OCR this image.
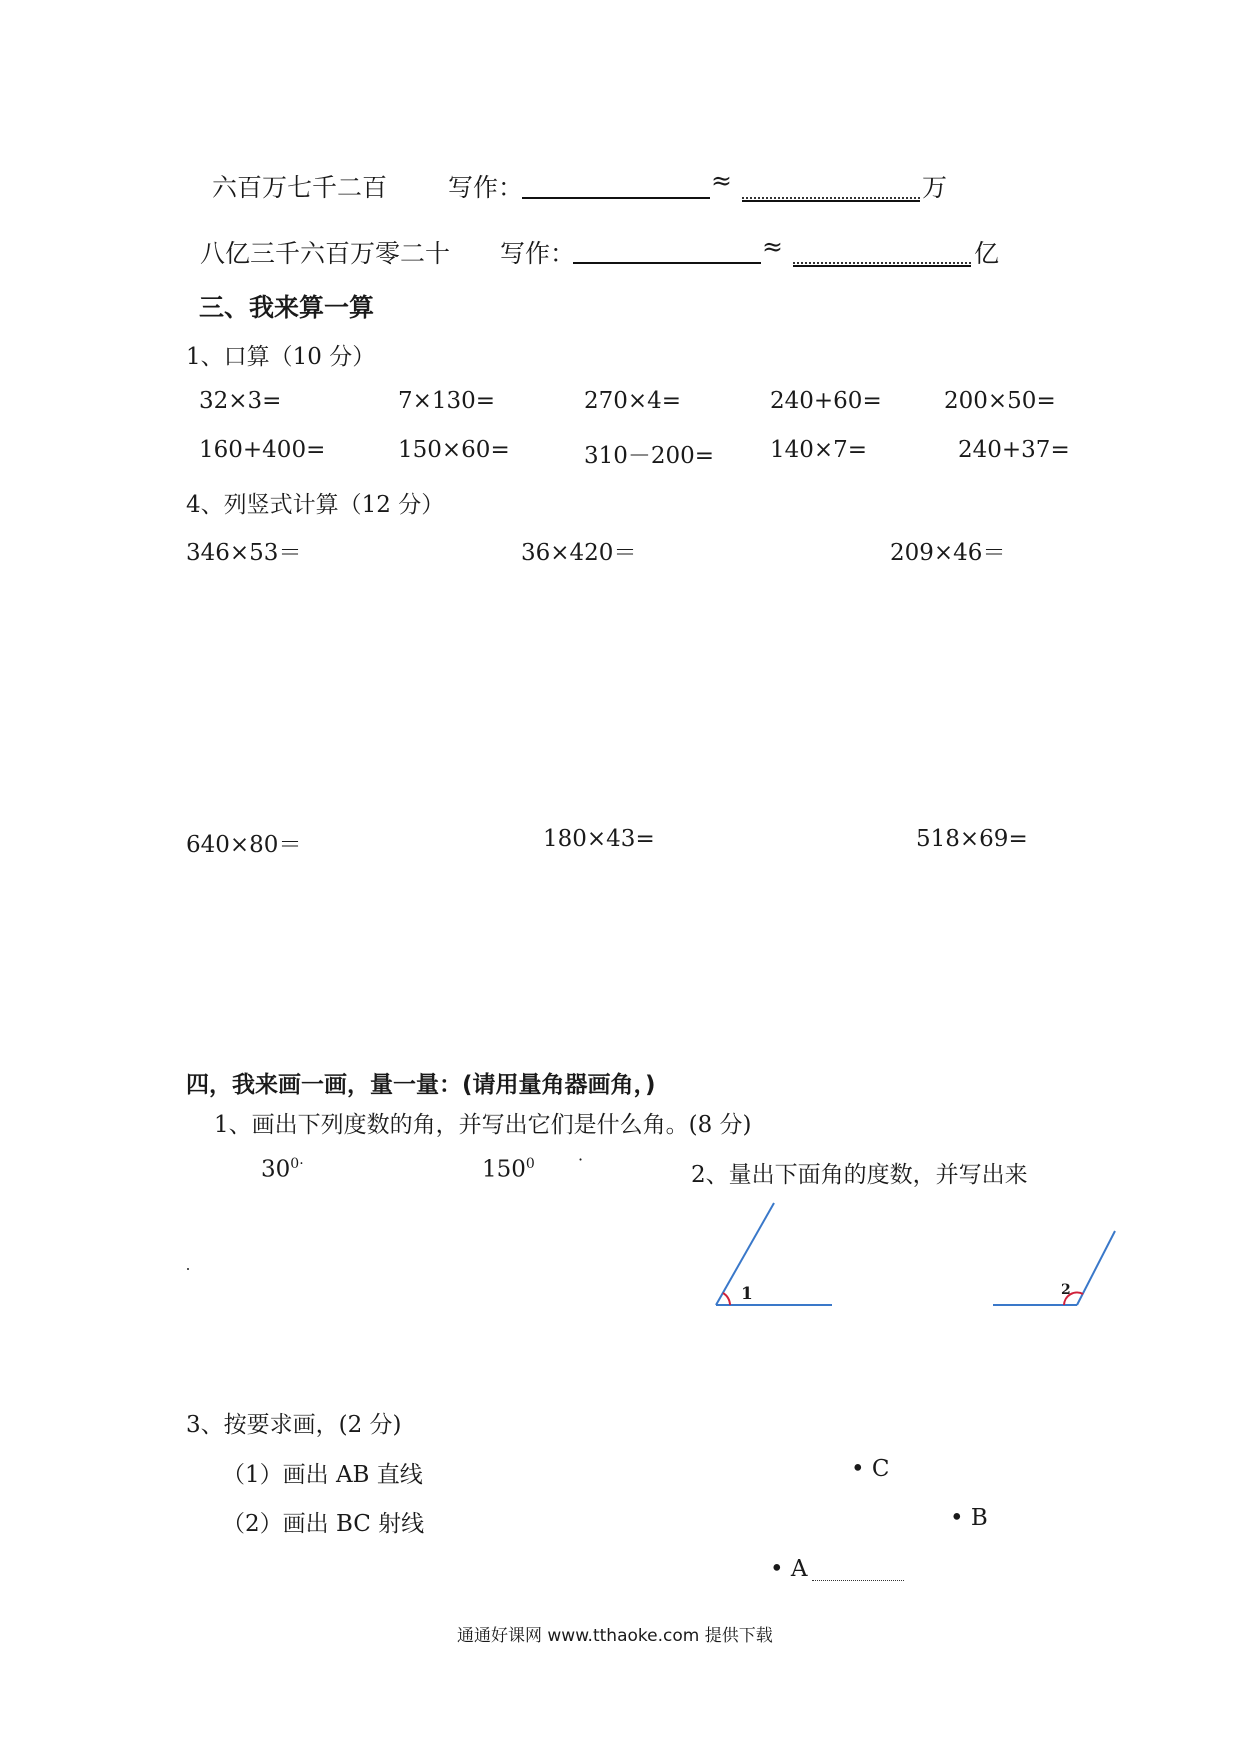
六百万七千二百 写作：	≈	万
八亿三千六百万零二十 写作：	≈	亿
三、我来算一算
1、口算（10 分）
32×3=	7×130=	270×4=	240+60=	200×50=
160+400=	150×60=	310－200= 140×7=	240+37=
4、列竖式计算（12 分）
346×53＝	36×420＝	209×46＝
640×80＝	180×43=	518×69=
四，我来画一画，量一量：(请用量角器画角，)
1、画出下列度数的角，并写出它们是什么角。(8 分)
$30^{0\cdot}$	$150^0$	·
2、量出下面角的度数，并写出来
1	2
3、按要求画，(2 分)
（1）画出 AB 直线
（2）画出 BC 射线
• C
• B
• A
通通好课网 www.tthaoke.com 提供下载
